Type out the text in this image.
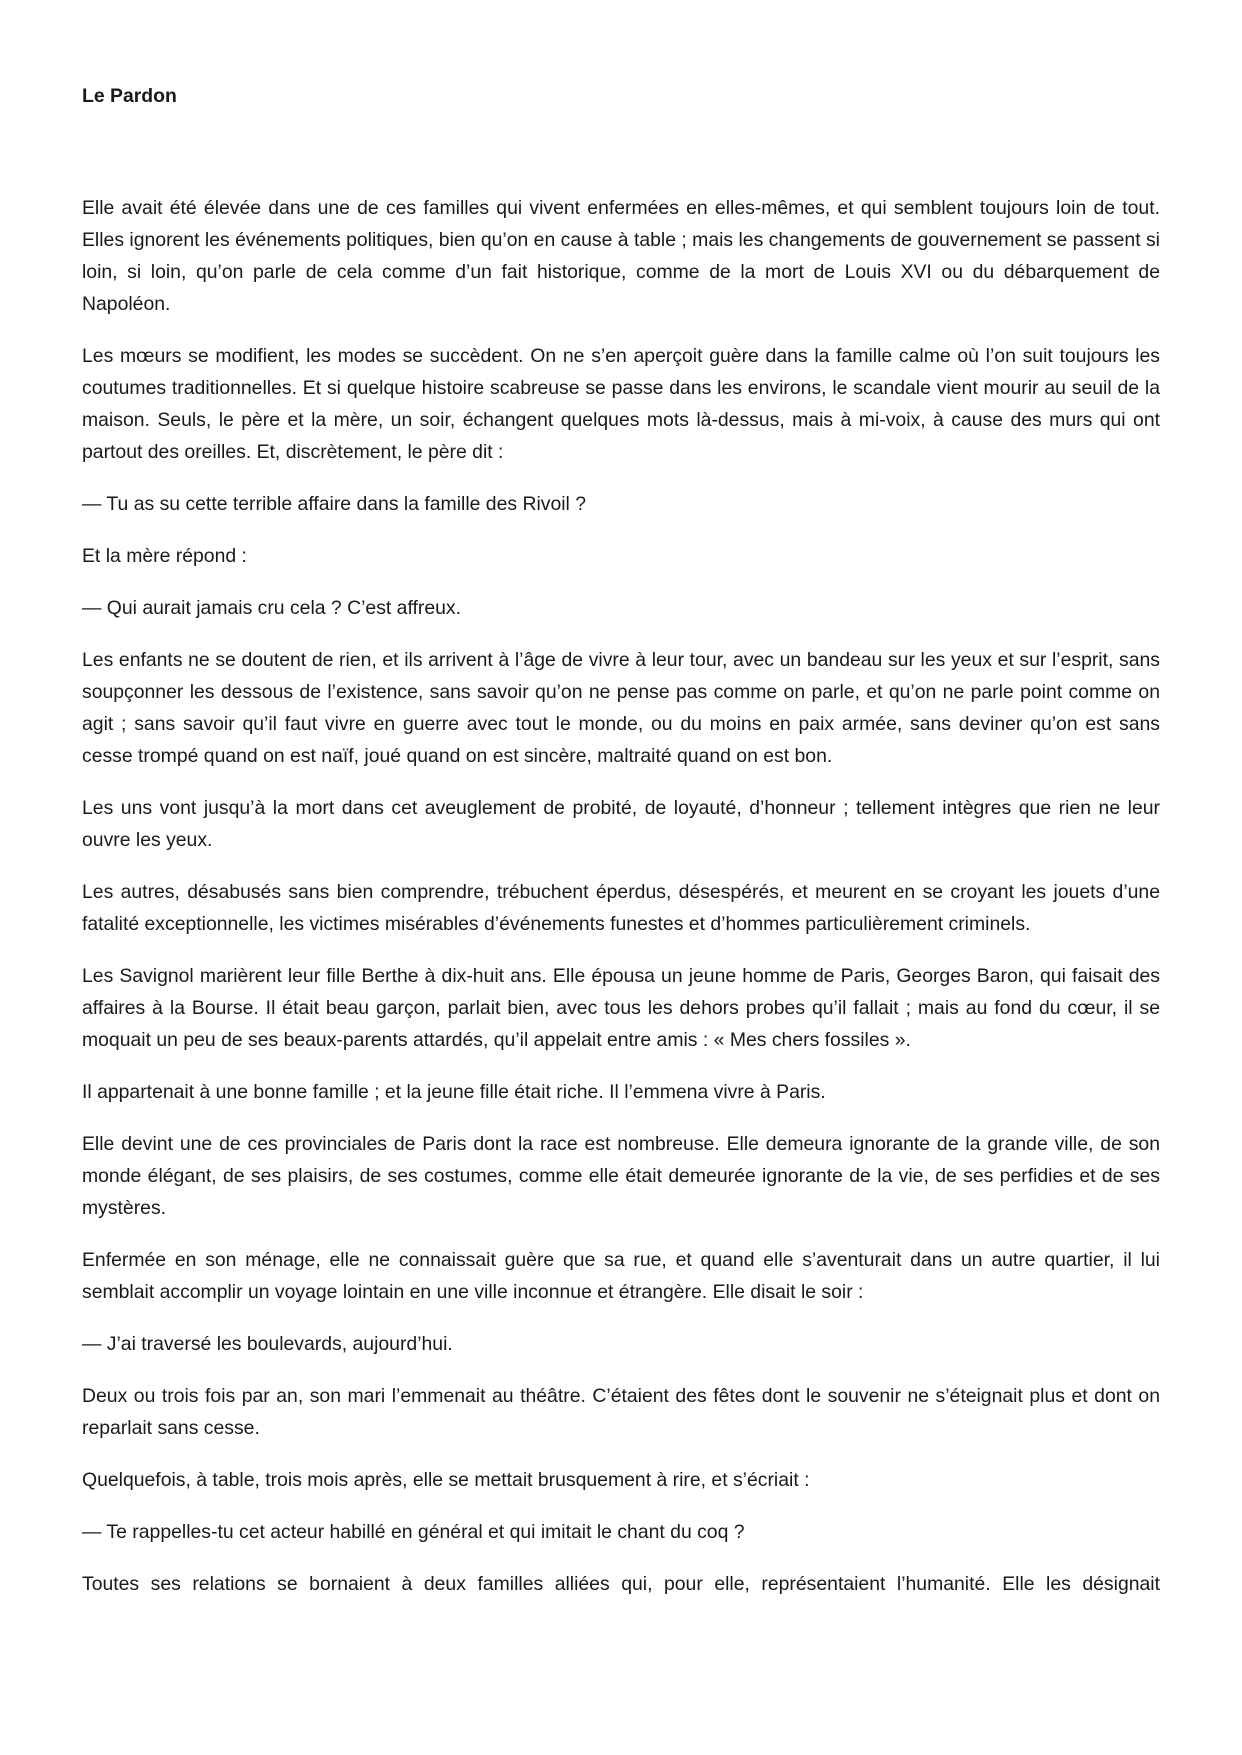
Le Pardon

Elle avait été élevée dans une de ces familles qui vivent enfermées en elles-mêmes, et qui semblent toujours loin de tout. Elles ignorent les événements politiques, bien qu’on en cause à table ; mais les changements de gouvernement se passent si loin, si loin, qu’on parle de cela comme d’un fait historique, comme de la mort de Louis XVI ou du débarquement de Napoléon.

Les mœurs se modifient, les modes se succèdent. On ne s’en aperçoit guère dans la famille calme où l’on suit toujours les coutumes traditionnelles. Et si quelque histoire scabreuse se passe dans les environs, le scandale vient mourir au seuil de la maison. Seuls, le père et la mère, un soir, échangent quelques mots là-dessus, mais à mi-voix, à cause des murs qui ont partout des oreilles. Et, discrètement, le père dit :

— Tu as su cette terrible affaire dans la famille des Rivoil ?

Et la mère répond :

— Qui aurait jamais cru cela ? C’est affreux.

Les enfants ne se doutent de rien, et ils arrivent à l’âge de vivre à leur tour, avec un bandeau sur les yeux et sur l’esprit, sans soupçonner les dessous de l’existence, sans savoir qu’on ne pense pas comme on parle, et qu’on ne parle point comme on agit ; sans savoir qu’il faut vivre en guerre avec tout le monde, ou du moins en paix armée, sans deviner qu’on est sans cesse trompé quand on est naïf, joué quand on est sincère, maltraité quand on est bon.

Les uns vont jusqu’à la mort dans cet aveuglement de probité, de loyauté, d’honneur ; tellement intègres que rien ne leur ouvre les yeux.

Les autres, désabusés sans bien comprendre, trébuchent éperdus, désespérés, et meurent en se croyant les jouets d’une fatalité exceptionnelle, les victimes misérables d’événements funestes et d’hommes particulièrement criminels.

Les Savignol marièrent leur fille Berthe à dix-huit ans. Elle épousa un jeune homme de Paris, Georges Baron, qui faisait des affaires à la Bourse. Il était beau garçon, parlait bien, avec tous les dehors probes qu’il fallait ; mais au fond du cœur, il se moquait un peu de ses beaux-parents attardés, qu’il appelait entre amis : « Mes chers fossiles ».

Il appartenait à une bonne famille ; et la jeune fille était riche. Il l’emmena vivre à Paris.

Elle devint une de ces provinciales de Paris dont la race est nombreuse. Elle demeura ignorante de la grande ville, de son monde élégant, de ses plaisirs, de ses costumes, comme elle était demeurée ignorante de la vie, de ses perfidies et de ses mystères.

Enfermée en son ménage, elle ne connaissait guère que sa rue, et quand elle s’aventurait dans un autre quartier, il lui semblait accomplir un voyage lointain en une ville inconnue et étrangère. Elle disait le soir :

— J’ai traversé les boulevards, aujourd’hui.

Deux ou trois fois par an, son mari l’emmenait au théâtre. C’étaient des fêtes dont le souvenir ne s’éteignait plus et dont on reparlait sans cesse.

Quelquefois, à table, trois mois après, elle se mettait brusquement à rire, et s’écriait :

— Te rappelles-tu cet acteur habillé en général et qui imitait le chant du coq ?

Toutes ses relations se bornaient à deux familles alliées qui, pour elle, représentaient l’humanité. Elle les désignait
